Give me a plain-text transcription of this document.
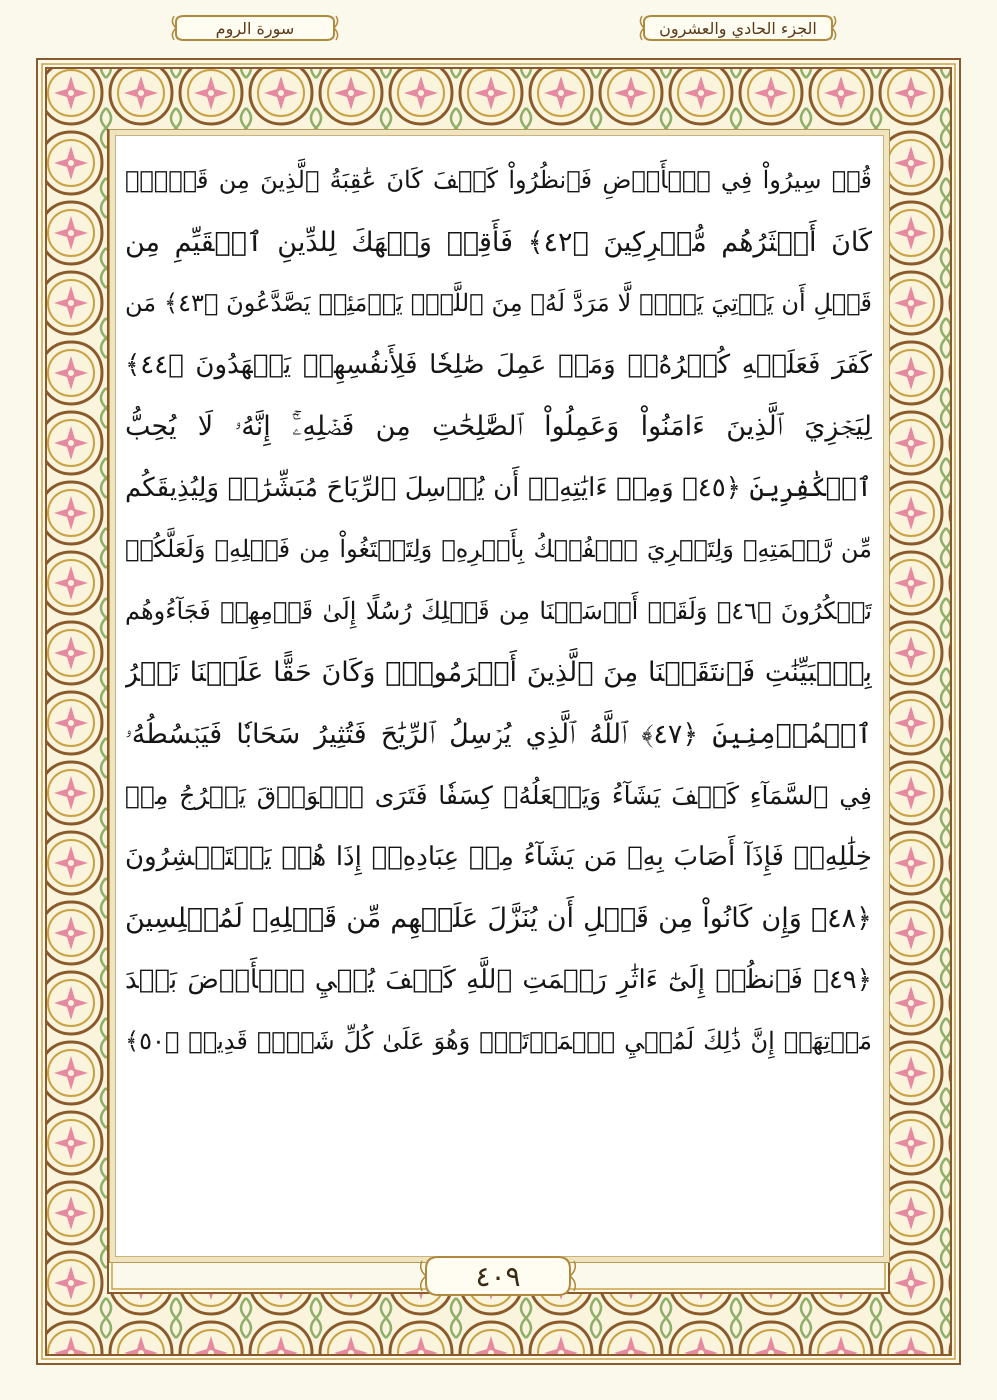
سورة الروم	الجزء الحادي والعشرون
قُلۡ سِيرُواْ فِي ٱلۡأَرۡضِ فَٱنظُرُواْ كَيۡفَ كَانَ عَٰقِبَةُ ٱلَّذِينَ مِن قَبۡلُۚ
كَانَ أَكۡثَرُهُم مُّشۡرِكِينَ ﴿٤٢﴾ فَأَقِمۡ وَجۡهَكَ لِلدِّينِ ٱلۡقَيِّمِ مِن
قَبۡلِ أَن يَأۡتِيَ يَوۡمٞ لَّا مَرَدَّ لَهُۥ مِنَ ٱللَّهِۖ يَوۡمَئِذٖ يَصَّدَّعُونَ ﴿٤٣﴾ مَن
كَفَرَ فَعَلَيۡهِ كُفۡرُهُۥۖ وَمَنۡ عَمِلَ صَٰلِحٗا فَلِأَنفُسِهِمۡ يَمۡهَدُونَ ﴿٤٤﴾
لِيَجۡزِيَ ٱلَّذِينَ ءَامَنُواْ وَعَمِلُواْ ٱلصَّٰلِحَٰتِ مِن فَضۡلِهِۦٓۚ إِنَّهُۥ لَا يُحِبُّ
ٱلۡكَٰفِرِينَ ﴿٤٥﴾ وَمِنۡ ءَايَٰتِهِۦٓ أَن يُرۡسِلَ ٱلرِّيَاحَ مُبَشِّرَٰتٖ وَلِيُذِيقَكُم
مِّن رَّحۡمَتِهِۦ وَلِتَجۡرِيَ ٱلۡفُلۡكُ بِأَمۡرِهِۦ وَلِتَبۡتَغُواْ مِن فَضۡلِهِۦ وَلَعَلَّكُمۡ
تَشۡكُرُونَ ﴿٤٦﴾ وَلَقَدۡ أَرۡسَلۡنَا مِن قَبۡلِكَ رُسُلًا إِلَىٰ قَوۡمِهِمۡ فَجَآءُوهُم
بِٱلۡبَيِّنَٰتِ فَٱنتَقَمۡنَا مِنَ ٱلَّذِينَ أَجۡرَمُواْۖ وَكَانَ حَقًّا عَلَيۡنَا نَصۡرُ
ٱلۡمُؤۡمِنِينَ ﴿٤٧﴾ ٱللَّهُ ٱلَّذِي يُرۡسِلُ ٱلرِّيَٰحَ فَتُثِيرُ سَحَابٗا فَيَبۡسُطُهُۥ
فِي ٱلسَّمَآءِ كَيۡفَ يَشَآءُ وَيَجۡعَلُهُۥ كِسَفٗا فَتَرَى ٱلۡوَدۡقَ يَخۡرُجُ مِنۡ
خِلَٰلِهِۦۖ فَإِذَآ أَصَابَ بِهِۦ مَن يَشَآءُ مِنۡ عِبَادِهِۦٓ إِذَا هُمۡ يَسۡتَبۡشِرُونَ
﴿٤٨﴾ وَإِن كَانُواْ مِن قَبۡلِ أَن يُنَزَّلَ عَلَيۡهِم مِّن قَبۡلِهِۦ لَمُبۡلِسِينَ
﴿٤٩﴾ فَٱنظُرۡ إِلَىٰٓ ءَاثَٰرِ رَحۡمَتِ ٱللَّهِ كَيۡفَ يُحۡيِ ٱلۡأَرۡضَ بَعۡدَ
مَوۡتِهَآۚ إِنَّ ذَٰلِكَ لَمُحۡيِ ٱلۡمَوۡتَىٰۖ وَهُوَ عَلَىٰ كُلِّ شَيۡءٖ قَدِيرٞ ﴿٥٠﴾
٤٠٩
